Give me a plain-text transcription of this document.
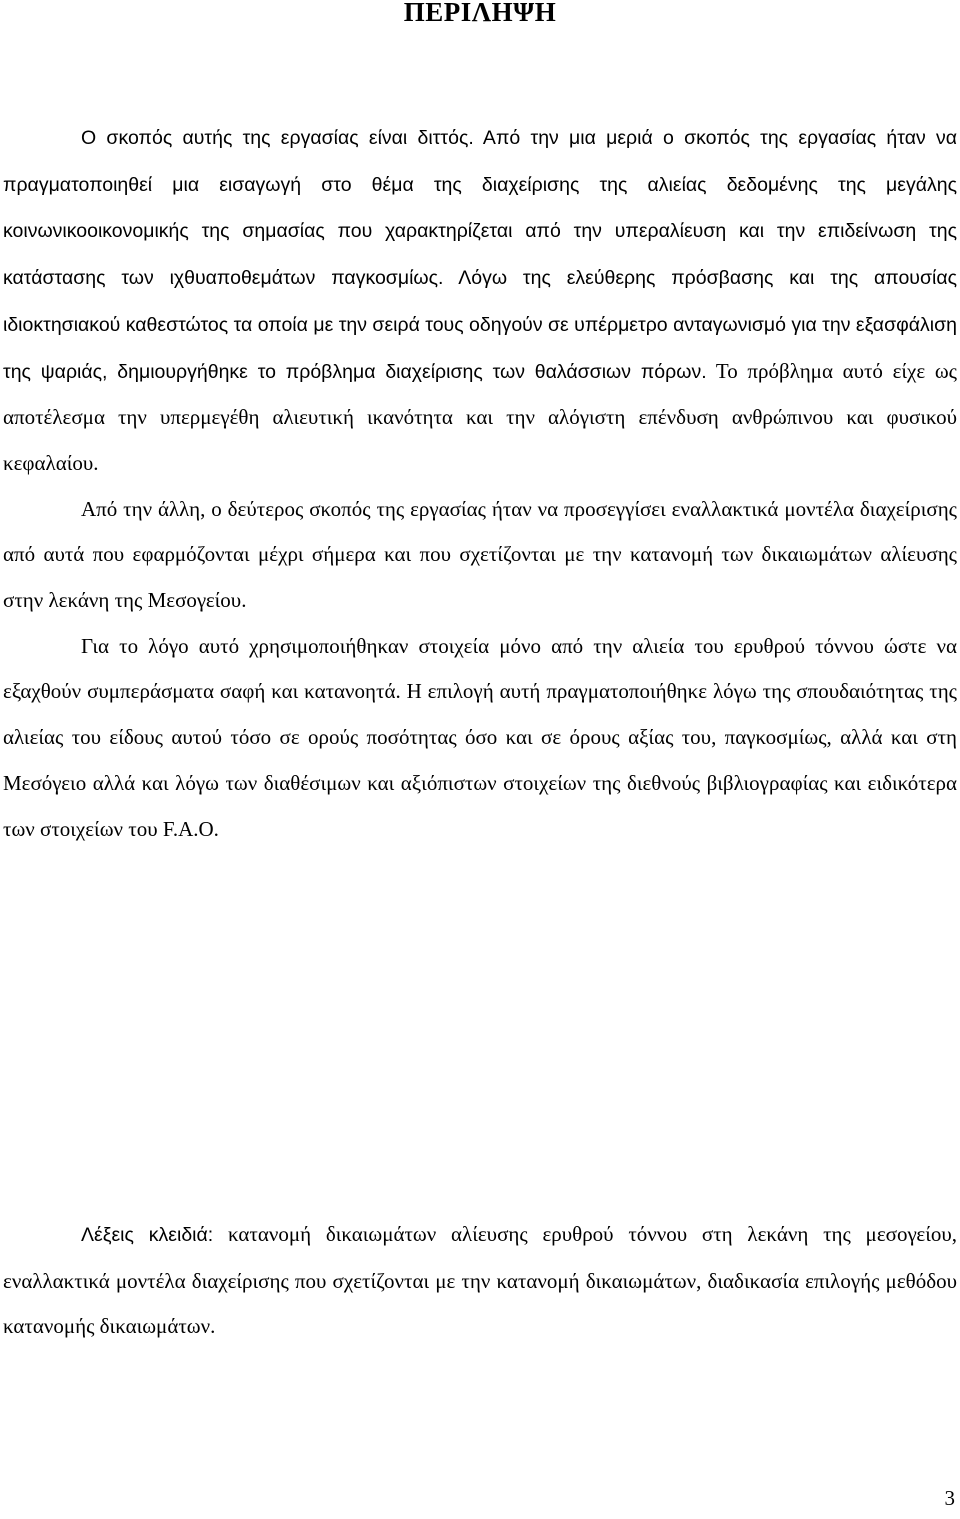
ΠΕΡΙΛΗΨΗ

Ο σκοπός αυτής της εργασίας είναι διττός. Από την μια μεριά ο σκοπός της εργασίας ήταν να πραγματοποιηθεί μια εισαγωγή στο θέμα της διαχείρισης της αλιείας δεδομένης της μεγάλης κοινωνικοοικονομικής της σημασίας που χαρακτηρίζεται από την υπεραλίευση και την επιδείνωση της κατάστασης των ιχθυαποθεμάτων παγκοσμίως. Λόγω της ελεύθερης πρόσβασης και της απουσίας ιδιοκτησιακού καθεστώτος τα οποία με την σειρά τους οδηγούν σε υπέρμετρο ανταγωνισμό για την εξασφάλιση της ψαριάς, δημιουργήθηκε το πρόβλημα διαχείρισης των θαλάσσιων πόρων. Το πρόβλημα αυτό είχε ως αποτέλεσμα την υπερμεγέθη αλιευτική ικανότητα και την αλόγιστη επένδυση ανθρώπινου και φυσικού κεφαλαίου.

Από την άλλη, ο δεύτερος σκοπός της εργασίας ήταν να προσεγγίσει εναλλακτικά μοντέλα διαχείρισης από αυτά που εφαρμόζονται μέχρι σήμερα και που σχετίζονται με την κατανομή των δικαιωμάτων αλίευσης στην λεκάνη της Μεσογείου.

Για το λόγο αυτό χρησιμοποιήθηκαν στοιχεία μόνο από την αλιεία του ερυθρού τόννου ώστε να εξαχθούν συμπεράσματα σαφή και κατανοητά. Η επιλογή αυτή πραγματοποιήθηκε λόγω της σπουδαιότητας της αλιείας του είδους αυτού τόσο σε ορούς ποσότητας όσο και σε όρους αξίας του, παγκοσμίως, αλλά και στη Μεσόγειο αλλά και λόγω των διαθέσιμων και αξιόπιστων στοιχείων της διεθνούς βιβλιογραφίας και ειδικότερα των στοιχείων του F.A.O.

Λέξεις κλειδιά: κατανομή δικαιωμάτων αλίευσης ερυθρού τόννου στη λεκάνη της μεσογείου, εναλλακτικά μοντέλα διαχείρισης που σχετίζονται με την κατανομή δικαιωμάτων, διαδικασία επιλογής μεθόδου κατανομής δικαιωμάτων.

3
